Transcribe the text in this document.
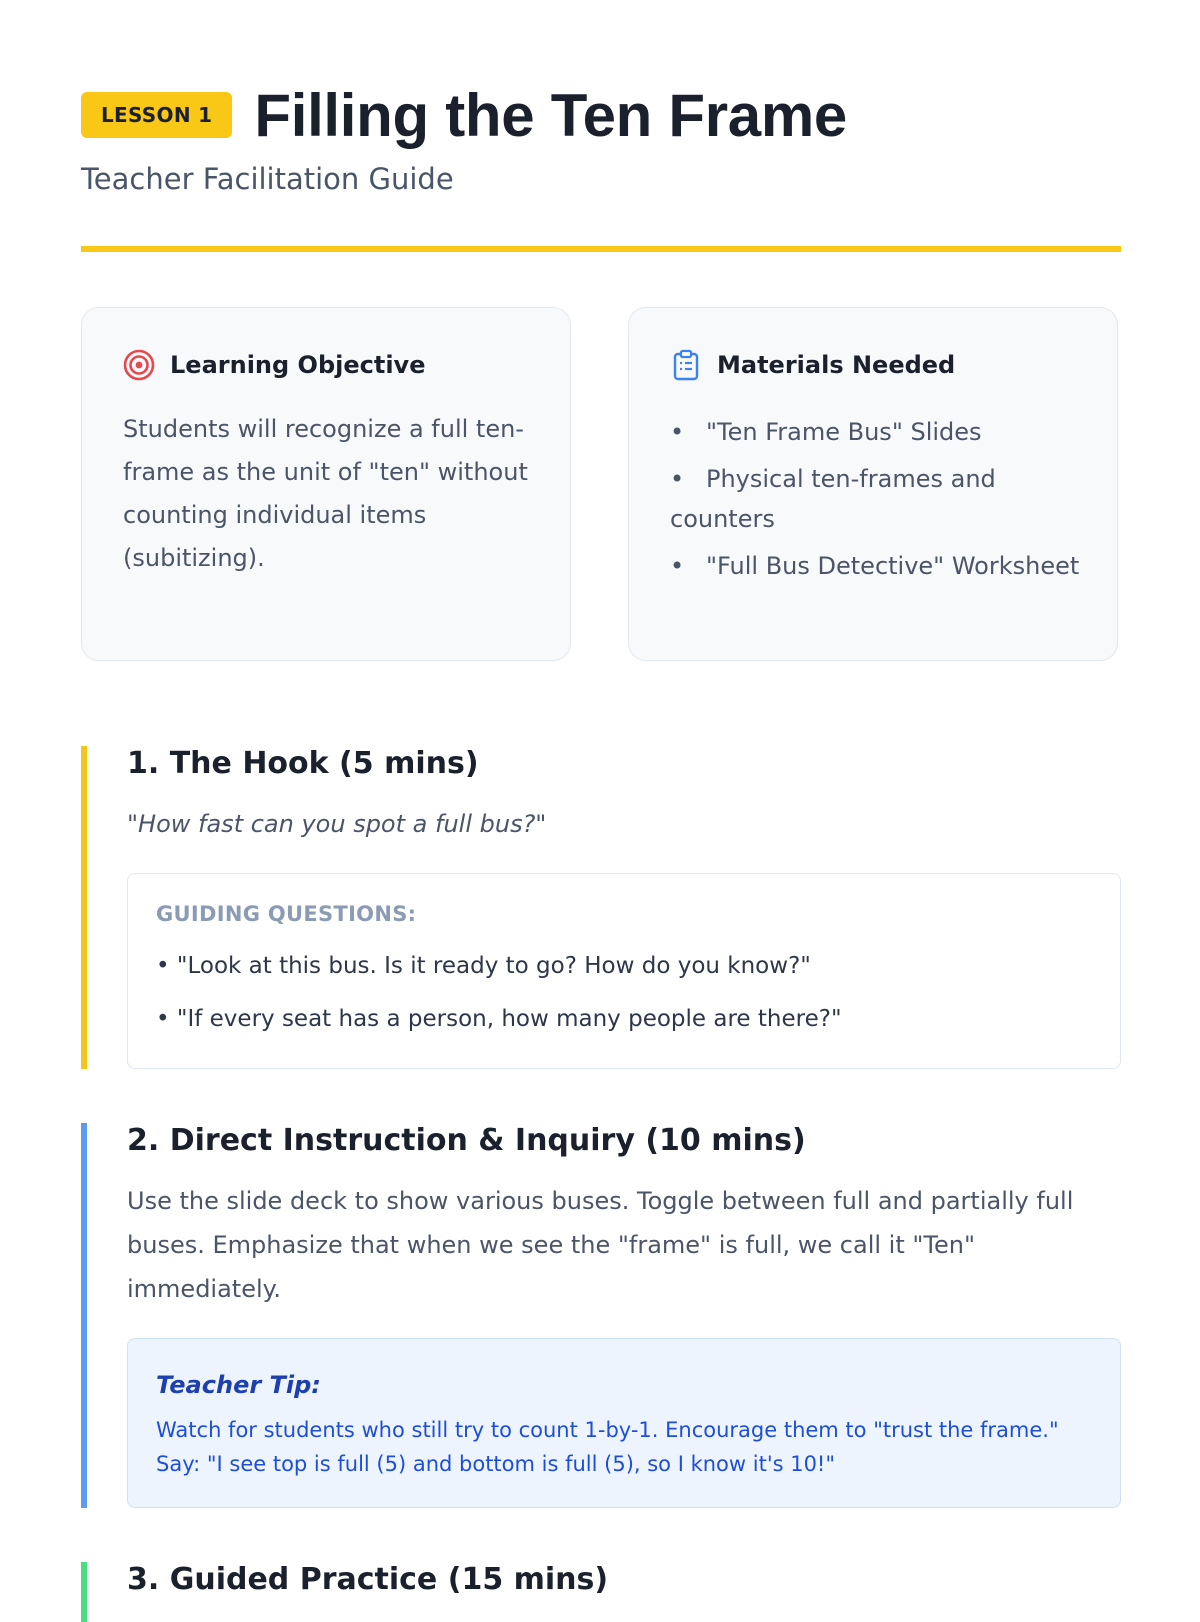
LESSON 1 Filling the Ten Frame
Teacher Facilitation Guide
Learning Objective
Students will recognize a full ten-frame as the unit of "ten" without counting individual items (subitizing).
Materials Needed
• "Ten Frame Bus" Slides
• Physical ten-frames and counters
• "Full Bus Detective" Worksheet
1. The Hook (5 mins)
"How fast can you spot a full bus?"
GUIDING QUESTIONS:
• "Look at this bus. Is it ready to go? How do you know?"
• "If every seat has a person, how many people are there?"
2. Direct Instruction & Inquiry (10 mins)
Use the slide deck to show various buses. Toggle between full and partially full buses. Emphasize that when we see the "frame" is full, we call it "Ten" immediately.
Teacher Tip:
Watch for students who still try to count 1-by-1. Encourage them to "trust the frame." Say: "I see top is full (5) and bottom is full (5), so I know it's 10!"
3. Guided Practice (15 mins)
